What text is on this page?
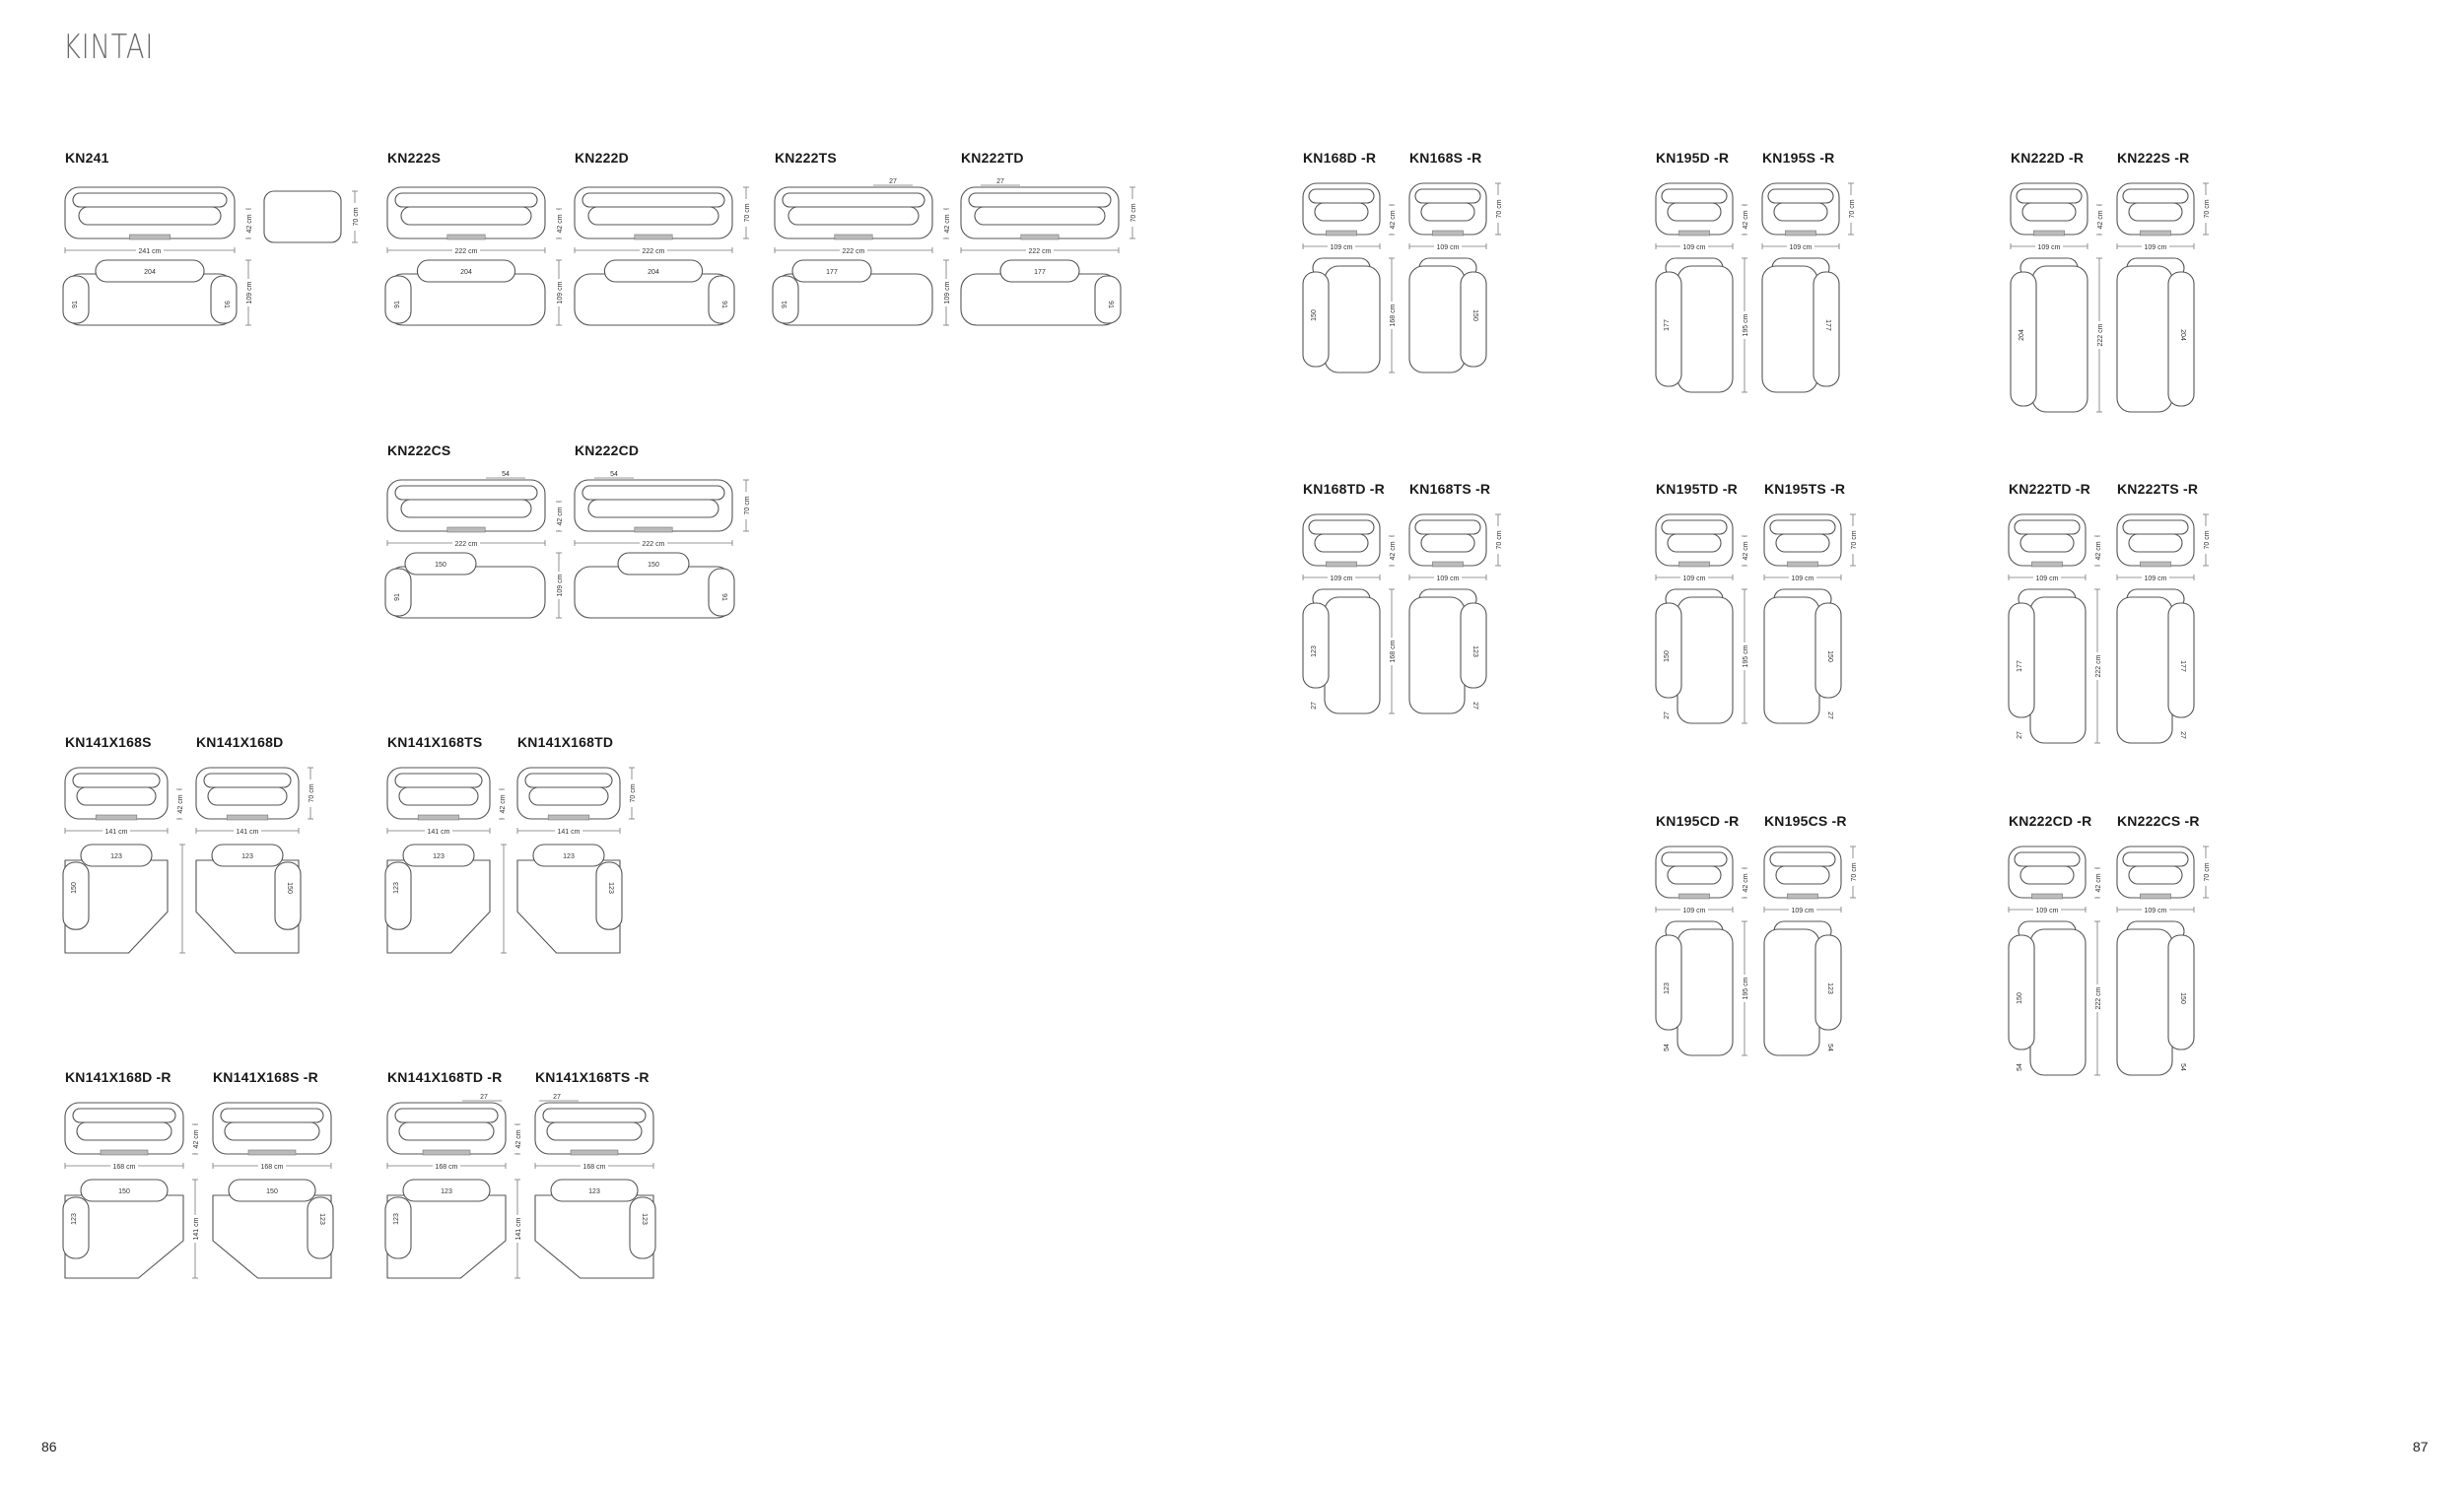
KINTAI
86	87
70 cm
KN241
241 cm
42 cm
204
91	91
109 cm
KN222S
222 cm
42 cm
204
91
109 cm
KN222D
222 cm
70 cm
204
91
KN222TS
27
222 cm
42 cm
177
91
109 cm
KN222TD
27
222 cm
70 cm
177
91
KN222CS
54
222 cm
42 cm
150
91
109 cm
KN222CD
54
222 cm
70 cm
150
91
KN141X168S
141 cm
42 cm
123
150
KN141X168D
141 cm
70 cm
123
150
KN141X168TS
141 cm
42 cm
123
123
KN141X168TD
141 cm
70 cm
123
123
KN141X168D -R
168 cm
42 cm
150
123	141 cm
KN141X168S -R
168 cm
150
123
KN141X168TD -R
27
168 cm
42 cm
123
123	141 cm
KN141X168TS -R
27
168 cm
123
123
KN168D -R
109 cm
42 cm
150	168 cm
KN168S -R
109 cm
70 cm
150
KN195D -R
109 cm
42 cm
177	195 cm
KN195S -R
109 cm
70 cm
177
KN222D -R
109 cm
42 cm
204	222 cm
KN222S -R
109 cm
70 cm
204
KN168TD -R
109 cm
42 cm
123
27
168 cm
KN168TS -R
109 cm
70 cm
123
27
KN195TD -R
109 cm
42 cm
150
27
195 cm
KN195TS -R
109 cm
70 cm
150
27
KN222TD -R
109 cm
42 cm
177
27
222 cm
KN222TS -R
109 cm
70 cm
177
27
KN195CD -R
109 cm
42 cm
123
54
195 cm
KN195CS -R
109 cm
70 cm
123
54
KN222CD -R
109 cm
42 cm
150
54
222 cm
KN222CS -R
109 cm
70 cm
150
54
